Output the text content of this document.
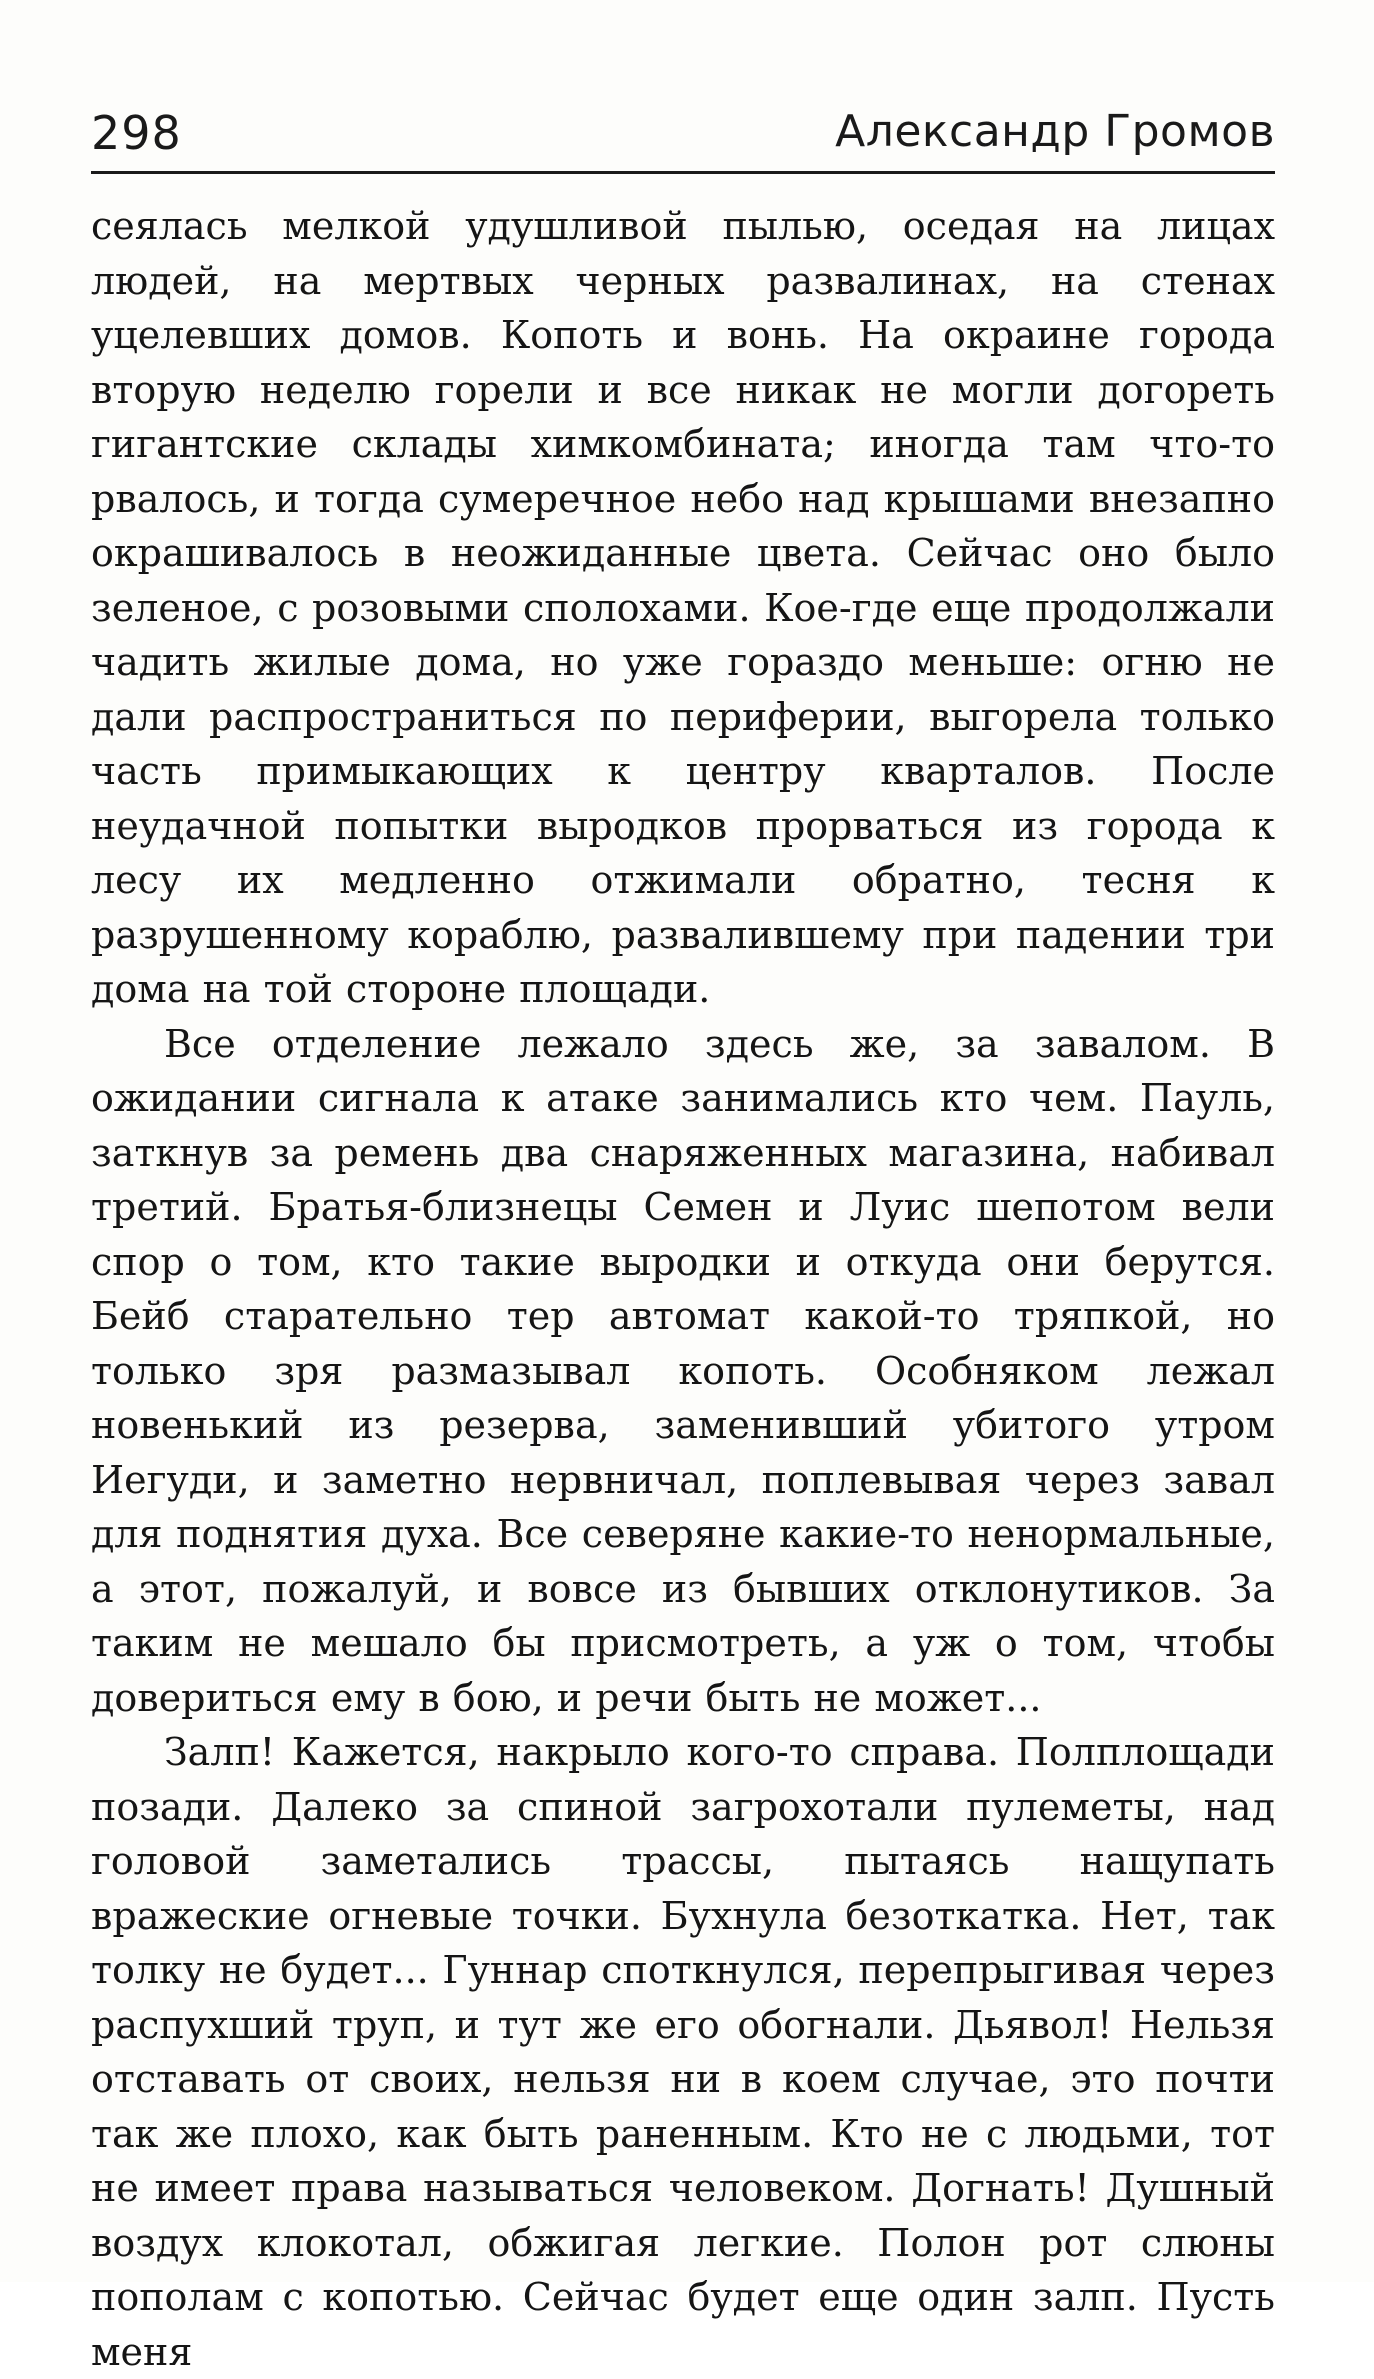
298	Александр Громов

сеялась мелкой удушливой пылью, оседая на лицах людей, на мертвых черных развалинах, на стенах уцелевших домов. Копоть и вонь. На окраине города вторую неделю горели и все никак не могли догореть гигантские склады химкомбината; иногда там что-то рвалось, и тогда сумеречное небо над крышами внезапно окрашивалось в неожиданные цвета. Сейчас оно было зеленое, с розовыми сполохами. Кое-где еще продолжали чадить жилые дома, но уже гораздо меньше: огню не дали распространиться по периферии, выгорела только часть примыкающих к центру кварталов. После неудачной попытки выродков прорваться из города к лесу их медленно отжимали обратно, тесня к разрушенному кораблю, развалившему при падении три дома на той стороне площади.

Все отделение лежало здесь же, за завалом. В ожидании сигнала к атаке занимались кто чем. Пауль, заткнув за ремень два снаряженных магазина, набивал третий. Братья-близнецы Семен и Луис шепотом вели спор о том, кто такие выродки и откуда они берутся. Бейб старательно тер автомат какой-то тряпкой, но только зря размазывал копоть. Особняком лежал новенький из резерва, заменивший убитого утром Иегуди, и заметно нервничал, поплевывая через завал для поднятия духа. Все северяне какие-то ненормальные, а этот, пожалуй, и вовсе из бывших отклонутиков. За таким не мешало бы присмотреть, а уж о том, чтобы довериться ему в бою, и речи быть не может...

Залп! Кажется, накрыло кого-то справа. Полплощади позади. Далеко за спиной загрохотали пулеметы, над головой заметались трассы, пытаясь нащупать вражеские огневые точки. Бухнула безоткатка. Нет, так толку не будет... Гуннар споткнулся, перепрыгивая через распухший труп, и тут же его обогнали. Дьявол! Нельзя отставать от своих, нельзя ни в коем случае, это почти так же плохо, как быть раненным. Кто не с людьми, тот не имеет права называться человеком. Догнать! Душный воздух клокотал, обжигая легкие. Полон рот слюны пополам с копотью. Сейчас будет еще один залп. Пусть меня
